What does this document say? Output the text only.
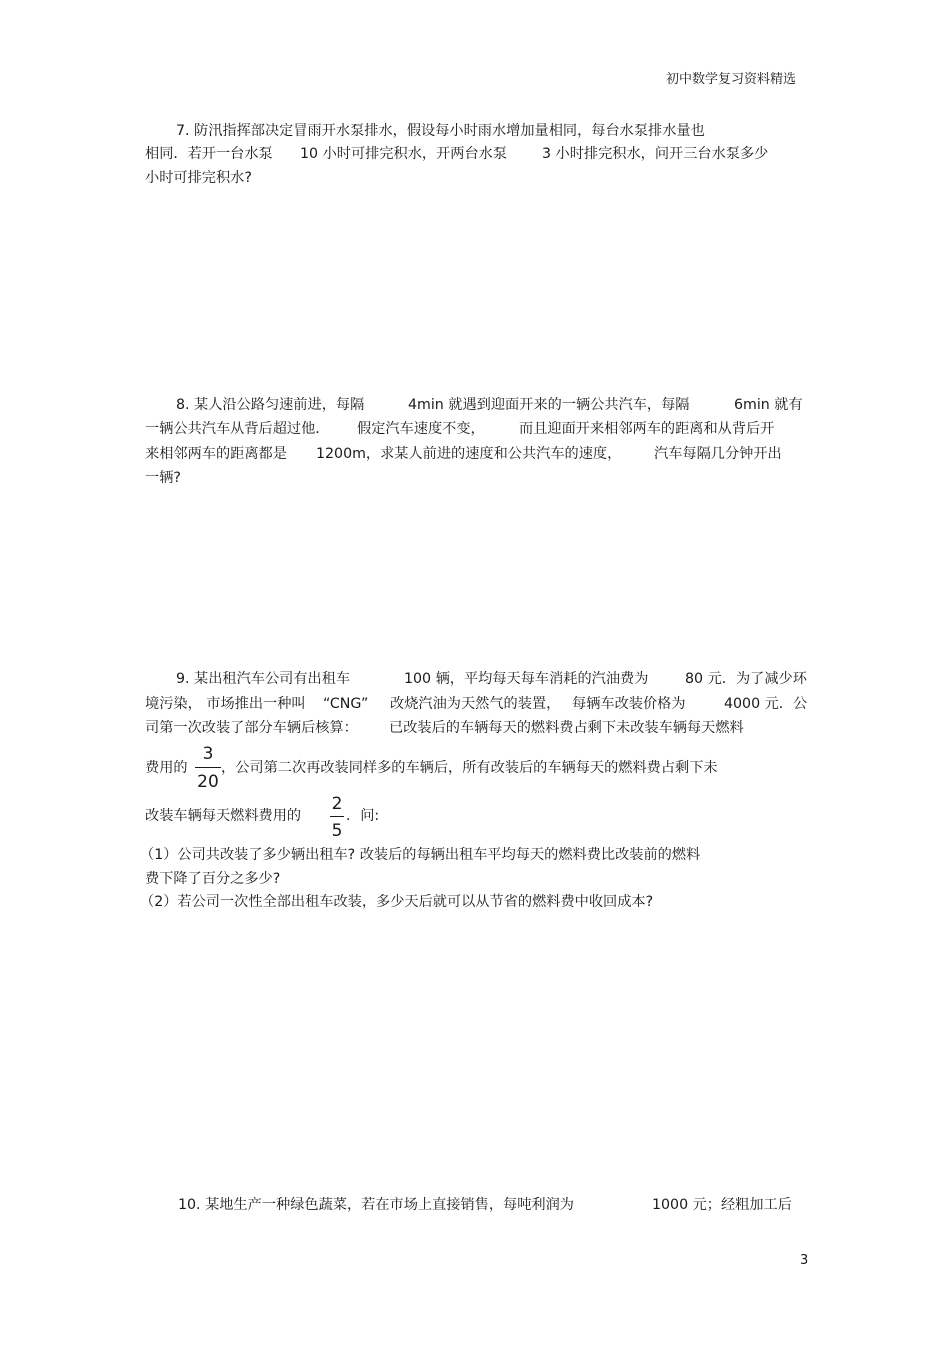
初中数学复习资料精选
7. 防汛指挥部决定冒雨开水泵排水，假设每小时雨水增加量相同，每台水泵排水量也
相同．若开一台水泵 10 小时可排完积水，开两台水泵 3 小时排完积水，问开三台水泵多少
小时可排完积水?
8. 某人沿公路匀速前进，每隔	4min 就遇到迎面开来的一辆公共汽车，每隔	6min 就有
一辆公共汽车从背后超过他． 假定汽车速度不变， 而且迎面开来相邻两车的距离和从背后开
来相邻两车的距离都是 1200m，求某人前进的速度和公共汽车的速度， 汽车每隔几分钟开出
一辆?
9. 某出租汽车公司有出租车	100 辆，平均每天每车消耗的汽油费为	80 元．为了减少环
境污染， 市场推出一种叫 “CNG” 改烧汽油为天然气的装置， 每辆车改装价格为	4000 元．公
司第一次改装了部分车辆后核算： 已改装后的车辆每天的燃料费占剩下未改装车辆每天燃料
费用的
3
20
，公司第二次再改装同样多的车辆后，所有改装后的车辆每天的燃料费占剩下未
改装车辆每天燃料费用的
2
5
．问:
（1）公司共改装了多少辆出租车? 改装后的每辆出租车平均每天的燃料费比改装前的燃料
费下降了百分之多少?
（2）若公司一次性全部出租车改装，多少天后就可以从节省的燃料费中收回成本?
10. 某地生产一种绿色蔬菜，若在市场上直接销售，每吨利润为	1000 元；经粗加工后
3
